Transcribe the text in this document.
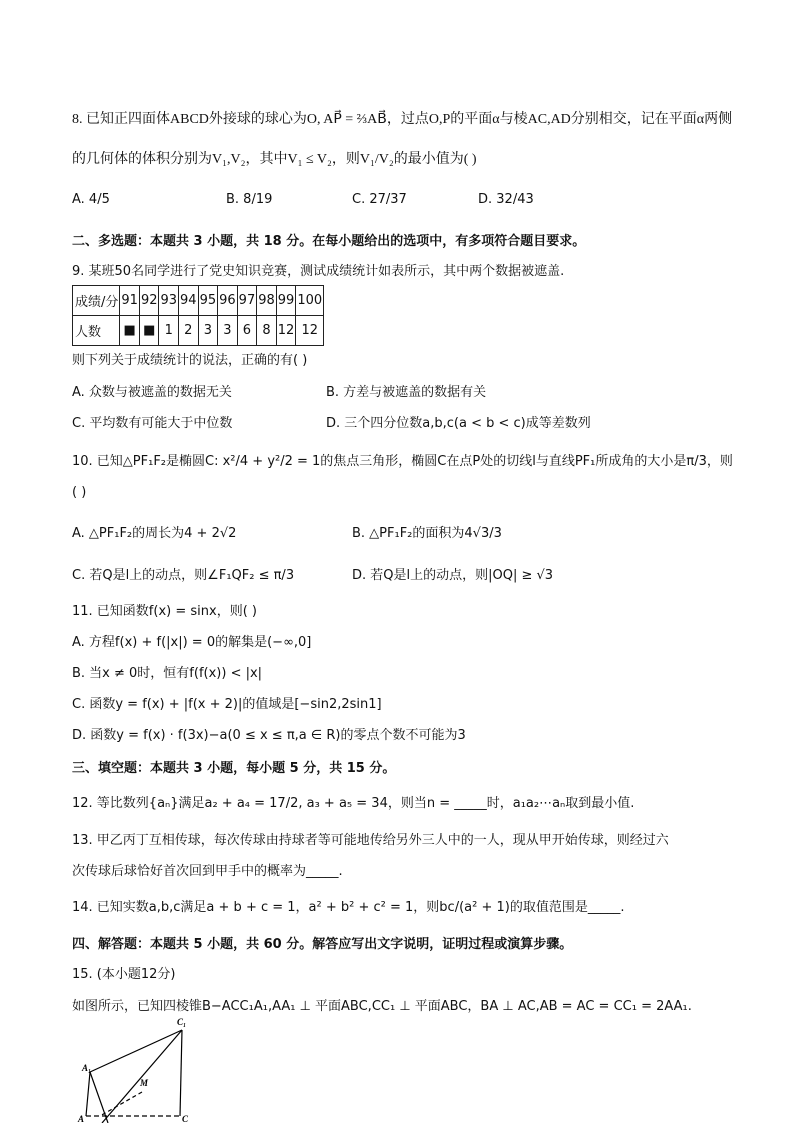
8. 已知正四面体ABCD外接球的球心为O, AP⃗ = ⅔AB⃗，过点O,P的平面α与棱AC,AD分别相交，记在平面α两侧
的几何体的体积分别为V₁,V₂，其中V₁ ≤ V₂，则V₁/V₂的最小值为( )
A. 4/5	B. 8/19	C. 27/37	D. 32/43
二、多选题：本题共 3 小题，共 18 分。在每小题给出的选项中，有多项符合题目要求。
9. 某班50名同学进行了党史知识竞赛，测试成绩统计如表所示，其中两个数据被遮盖.
成绩/分	91	92	93	94	95	96	97	98	99	100
人数	■	■	1	2	3	3	6	8	12	12
则下列关于成绩统计的说法，正确的有( )
A. 众数与被遮盖的数据无关	B. 方差与被遮盖的数据有关
C. 平均数有可能大于中位数	D. 三个四分位数a,b,c(a < b < c)成等差数列
10. 已知△PF₁F₂是椭圆C: x²/4 + y²/2 = 1的焦点三角形，椭圆C在点P处的切线l与直线PF₁所成角的大小是π/3，则
( )
A. △PF₁F₂的周长为4 + 2√2	B. △PF₁F₂的面积为4√3/3
C. 若Q是l上的动点，则∠F₁QF₂ ≤ π/3	D. 若Q是l上的动点，则|OQ| ≥ √3
11. 已知函数f(x) = sinx，则( )
A. 方程f(x) + f(|x|) = 0的解集是(−∞,0]
B. 当x ≠ 0时，恒有f(f(x)) < |x|
C. 函数y = f(x) + |f(x + 2)|的值域是[−sin2,2sin1]
D. 函数y = f(x) · f(3x)−a(0 ≤ x ≤ π,a ∈ R)的零点个数不可能为3
三、填空题：本题共 3 小题，每小题 5 分，共 15 分。
12. 等比数列{aₙ}满足a₂ + a₄ = 17/2, a₃ + a₅ = 34，则当n = _____时，a₁a₂⋯aₙ取到最小值.
13. 甲乙丙丁互相传球，每次传球由持球者等可能地传给另外三人中的一人，现从甲开始传球，则经过六
次传球后球恰好首次回到甲手中的概率为_____.
14. 已知实数a,b,c满足a + b + c = 1，a² + b² + c² = 1，则bc/(a² + 1)的取值范围是_____.
四、解答题：本题共 5 小题，共 60 分。解答应写出文字说明，证明过程或演算步骤。
15. (本小题12分)
如图所示，已知四棱锥B−ACC₁A₁,AA₁ ⊥ 平面ABC,CC₁ ⊥ 平面ABC，BA ⊥ AC,AB = AC = CC₁ = 2AA₁.
C₁
A₁
M
A	C
